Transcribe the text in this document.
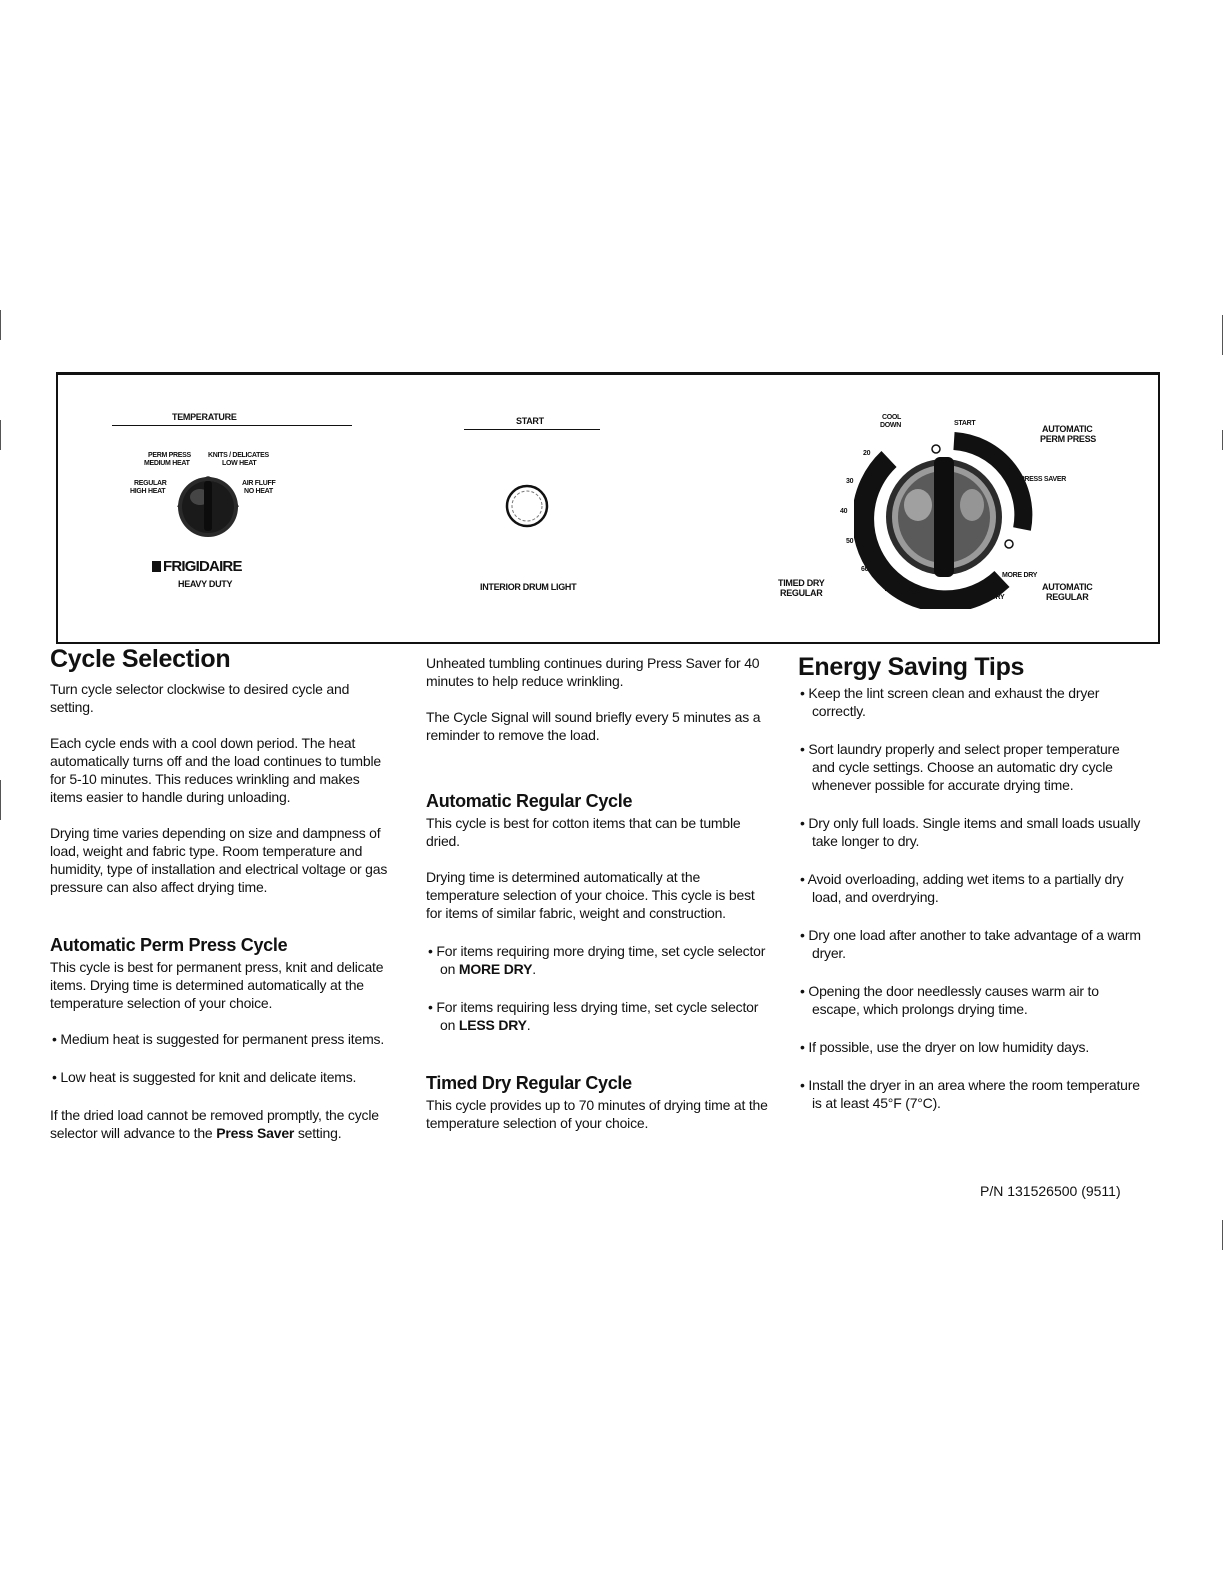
TEMPERATURE
PERM PRESS
MEDIUM HEAT
KNITS / DELICATES
LOW HEAT
REGULAR
HIGH HEAT
AIR FLUFF
NO HEAT
FRIGIDAIRE
HEAVY DUTY
START
INTERIOR DRUM LIGHT
COOL
DOWN	START
AUTOMATIC
PERM PRESS
PRESS SAVER
MORE DRY
LESS DRY
AUTOMATIC
REGULAR
TIMED DRY
REGULAR
20
30
40
50
60
70
Cycle Selection

Turn cycle selector clockwise to desired cycle and setting.

Each cycle ends with a cool down period. The heat automatically turns off and the load continues to tumble for 5-10 minutes. This reduces wrinkling and makes items easier to handle during unloading.

Drying time varies depending on size and dampness of load, weight and fabric type. Room temperature and humidity, type of installation and electrical voltage or gas pressure can also affect drying time.

Automatic Perm Press Cycle

This cycle is best for permanent press, knit and delicate items. Drying time is determined automatically at the temperature selection of your choice.

• Medium heat is suggested for permanent press items.

• Low heat is suggested for knit and delicate items.

If the dried load cannot be removed promptly, the cycle selector will advance to the Press Saver setting.

Unheated tumbling continues during Press Saver for 40 minutes to help reduce wrinkling.

The Cycle Signal will sound briefly every 5 minutes as a reminder to remove the load.

Automatic Regular Cycle

This cycle is best for cotton items that can be tumble dried.

Drying time is determined automatically at the temperature selection of your choice. This cycle is best for items of similar fabric, weight and construction.

• For items requiring more drying time, set cycle selector on MORE DRY.

• For items requiring less drying time, set cycle selector on LESS DRY.

Timed Dry Regular Cycle

This cycle provides up to 70 minutes of drying time at the temperature selection of your choice.

Energy Saving Tips

• Keep the lint screen clean and exhaust the dryer correctly.

• Sort laundry properly and select proper temperature and cycle settings. Choose an automatic dry cycle whenever possible for accurate drying time.

• Dry only full loads. Single items and small loads usually take longer to dry.

• Avoid overloading, adding wet items to a partially dry load, and overdrying.

• Dry one load after another to take advantage of a warm dryer.

• Opening the door needlessly causes warm air to escape, which prolongs drying time.

• If possible, use the dryer on low humidity days.

• Install the dryer in an area where the room temperature is at least 45°F (7°C).

P/N 131526500 (9511)
